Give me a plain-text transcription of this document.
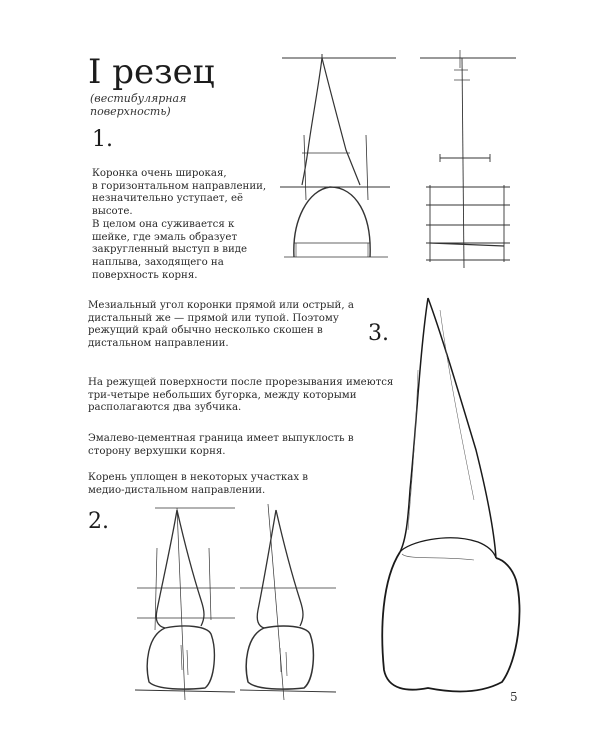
I резец
(вестибулярная
поверхность)
1.
2.
3.
Коронка очень широкая,
в горизонтальном направлении,
незначительно уступает, её
высоте.
В целом она суживается к
шейке, где эмаль образует
закругленный выступ в виде
наплыва, заходящего на
поверхность корня.
Мезиальный угол коронки прямой или острый, а
дистальный же — прямой или тупой. Поэтому
режущий край обычно несколько скошен в
дистальном направлении.
На режущей поверхности после прорезывания имеются
три-четыре небольших бугорка, между которыми
располагаются два зубчика.
Эмалево-цементная граница имеет выпуклость в
сторону верхушки корня.
Корень уплощен в некоторых участках в
медио-дистальном направлении.
5
